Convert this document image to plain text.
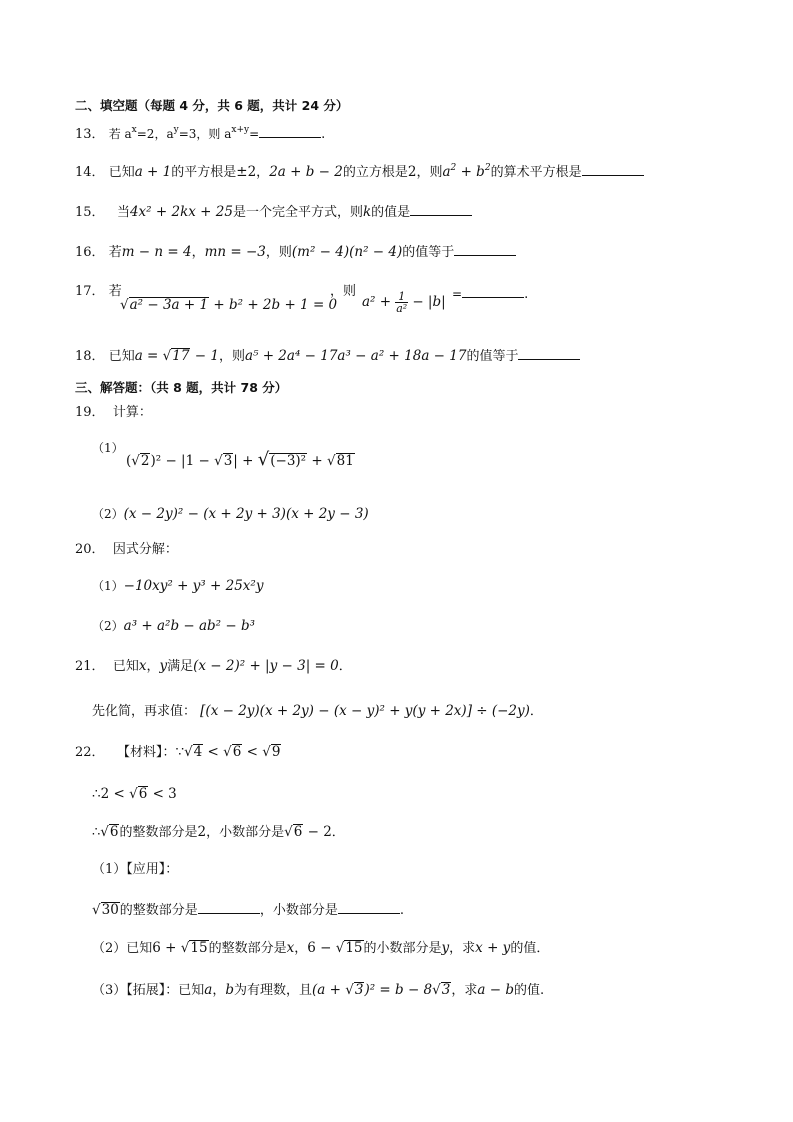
二、填空题（每题 4 分，共 6 题，共计 24 分）
13． 若 $a^x=2$，$a^y=3$，则 $a^{x+y}=$	.
14． 已知a + 1的平方根是±2，2a + b − 2的立方根是2，则$a^2 + b^2$的算术平方根是
15． 当4x² + 2kx + 25是一个完全平方式，则k的值是
16． 若m − n = 4，mn = −3，则(m² − 4)(n² − 4)的值等于
17． 若
√a² − 3a + 1 + b² + 2b + 1 = 0
，则
$a^2 + \frac{1}{\text{a²}} - |b|$ =	.
18． 已知a = √17 − 1，则a⁵ + 2a⁴ − 17a³ − a² + 18a − 17的值等于
三、解答题：（共 8 题，共计 78 分）
19． 计算：
（1）
(√2)² − |1 − √3| + √(−3)² + √81
（2）(x − 2y)² − (x + 2y + 3)(x + 2y − 3)
20． 因式分解：
（1）−10xy² + y³ + 25x²y
（2）a³ + a²b − ab² − b³
21． 已知x，y满足(x − 2)² + |y − 3| = 0．
先化简，再求值： [(x − 2y)(x + 2y) − (x − y)² + y(y + 2x)] ÷ (−2y)．
22． 【材料】：∵√4 < √6 < √9
∴2 < √6 < 3
∴√6的整数部分是2，小数部分是√6 − 2．
（1）【应用】：
√30的整数部分是	，小数部分是	.
（2）已知6 + √15的整数部分是x，6 − √15的小数部分是y，求x + y的值．
（3）【拓展】：已知a，b为有理数，且(a + √3)² = b − 8√3，求a − b的值.
